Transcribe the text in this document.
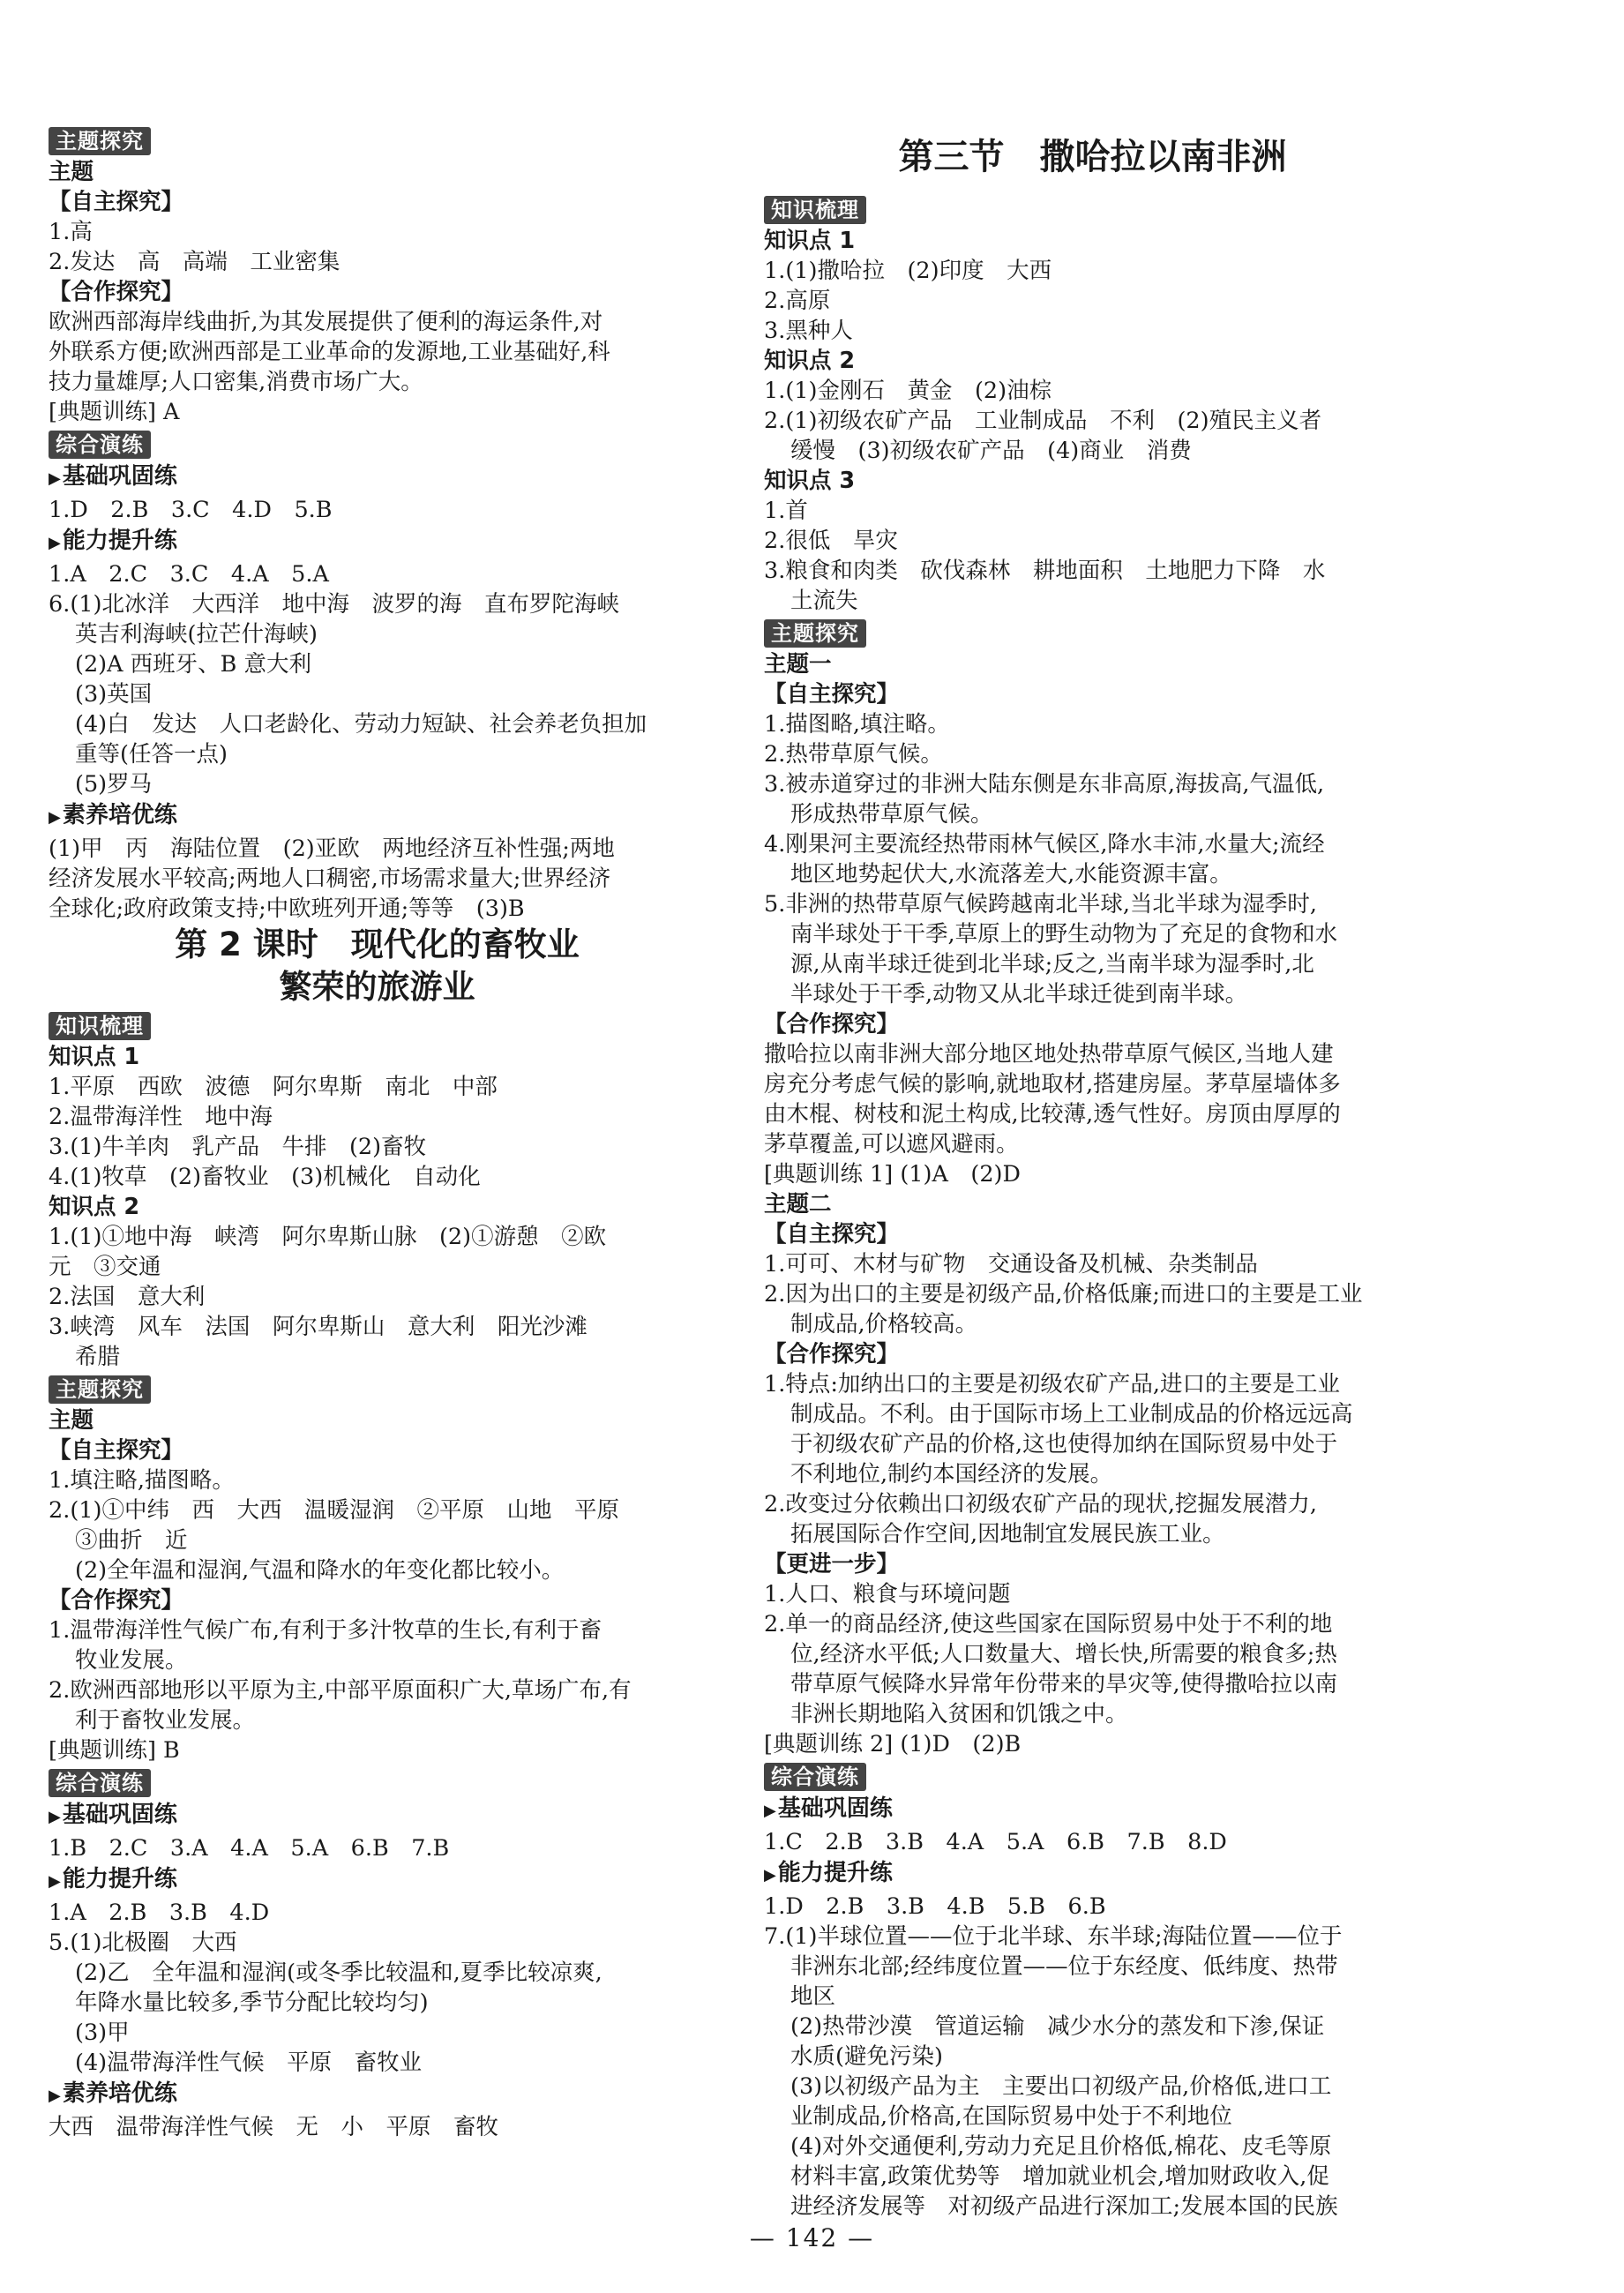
第三节　撒哈拉以南非洲
主题探究
主题
【自主探究】
1.高
2.发达　高　高端　工业密集
【合作探究】
欧洲西部海岸线曲折,为其发展提供了便利的海运条件,对
外联系方便;欧洲西部是工业革命的发源地,工业基础好,科
技力量雄厚;人口密集,消费市场广大。
[典题训练] A
综合演练
▶基础巩固练
1.D　2.B　3.C　4.D　5.B
▶能力提升练
1.A　2.C　3.C　4.A　5.A
6.(1)北冰洋　大西洋　地中海　波罗的海　直布罗陀海峡
英吉利海峡(拉芒什海峡)
(2)A 西班牙、B 意大利
(3)英国
(4)白　发达　人口老龄化、劳动力短缺、社会养老负担加
重等(任答一点)
(5)罗马
▶素养培优练
(1)甲　丙　海陆位置　(2)亚欧　两地经济互补性强;两地
经济发展水平较高;两地人口稠密,市场需求量大;世界经济
全球化;政府政策支持;中欧班列开通;等等　(3)B
第 2 课时　现代化的畜牧业
繁荣的旅游业
知识梳理
知识点 1
1.平原　西欧　波德　阿尔卑斯　南北　中部
2.温带海洋性　地中海
3.(1)牛羊肉　乳产品　牛排　(2)畜牧
4.(1)牧草　(2)畜牧业　(3)机械化　自动化
知识点 2
1.(1)①地中海　峡湾　阿尔卑斯山脉　(2)①游憩　②欧
元　③交通
2.法国　意大利
3.峡湾　风车　法国　阿尔卑斯山　意大利　阳光沙滩
希腊
主题探究
主题
【自主探究】
1.填注略,描图略。
2.(1)①中纬　西　大西　温暖湿润　②平原　山地　平原
③曲折　近
(2)全年温和湿润,气温和降水的年变化都比较小。
【合作探究】
1.温带海洋性气候广布,有利于多汁牧草的生长,有利于畜
牧业发展。
2.欧洲西部地形以平原为主,中部平原面积广大,草场广布,有
利于畜牧业发展。
[典题训练] B
综合演练
▶基础巩固练
1.B　2.C　3.A　4.A　5.A　6.B　7.B
▶能力提升练
1.A　2.B　3.B　4.D
5.(1)北极圈　大西
(2)乙　全年温和湿润(或冬季比较温和,夏季比较凉爽,
年降水量比较多,季节分配比较均匀)
(3)甲
(4)温带海洋性气候　平原　畜牧业
▶素养培优练
大西　温带海洋性气候　无　小　平原　畜牧
知识梳理
知识点 1
1.(1)撒哈拉　(2)印度　大西
2.高原
3.黑种人
知识点 2
1.(1)金刚石　黄金　(2)油棕
2.(1)初级农矿产品　工业制成品　不利　(2)殖民主义者
缓慢　(3)初级农矿产品　(4)商业　消费
知识点 3
1.首
2.很低　旱灾
3.粮食和肉类　砍伐森林　耕地面积　土地肥力下降　水
土流失
主题探究
主题一
【自主探究】
1.描图略,填注略。
2.热带草原气候。
3.被赤道穿过的非洲大陆东侧是东非高原,海拔高,气温低,
形成热带草原气候。
4.刚果河主要流经热带雨林气候区,降水丰沛,水量大;流经
地区地势起伏大,水流落差大,水能资源丰富。
5.非洲的热带草原气候跨越南北半球,当北半球为湿季时,
南半球处于干季,草原上的野生动物为了充足的食物和水
源,从南半球迁徙到北半球;反之,当南半球为湿季时,北
半球处于干季,动物又从北半球迁徙到南半球。
【合作探究】
撒哈拉以南非洲大部分地区地处热带草原气候区,当地人建
房充分考虑气候的影响,就地取材,搭建房屋。茅草屋墙体多
由木棍、树枝和泥土构成,比较薄,透气性好。房顶由厚厚的
茅草覆盖,可以遮风避雨。
[典题训练 1] (1)A　(2)D
主题二
【自主探究】
1.可可、木材与矿物　交通设备及机械、杂类制品
2.因为出口的主要是初级产品,价格低廉;而进口的主要是工业
制成品,价格较高。
【合作探究】
1.特点:加纳出口的主要是初级农矿产品,进口的主要是工业
制成品。不利。由于国际市场上工业制成品的价格远远高
于初级农矿产品的价格,这也使得加纳在国际贸易中处于
不利地位,制约本国经济的发展。
2.改变过分依赖出口初级农矿产品的现状,挖掘发展潜力,
拓展国际合作空间,因地制宜发展民族工业。
【更进一步】
1.人口、粮食与环境问题
2.单一的商品经济,使这些国家在国际贸易中处于不利的地
位,经济水平低;人口数量大、增长快,所需要的粮食多;热
带草原气候降水异常年份带来的旱灾等,使得撒哈拉以南
非洲长期地陷入贫困和饥饿之中。
[典题训练 2] (1)D　(2)B
综合演练
▶基础巩固练
1.C　2.B　3.B　4.A　5.A　6.B　7.B　8.D
▶能力提升练
1.D　2.B　3.B　4.B　5.B　6.B
7.(1)半球位置——位于北半球、东半球;海陆位置——位于
非洲东北部;经纬度位置——位于东经度、低纬度、热带
地区
(2)热带沙漠　管道运输　减少水分的蒸发和下渗,保证
水质(避免污染)
(3)以初级产品为主　主要出口初级产品,价格低,进口工
业制成品,价格高,在国际贸易中处于不利地位
(4)对外交通便利,劳动力充足且价格低,棉花、皮毛等原
材料丰富,政策优势等　增加就业机会,增加财政收入,促
进经济发展等　对初级产品进行深加工;发展本国的民族
— 142 —
